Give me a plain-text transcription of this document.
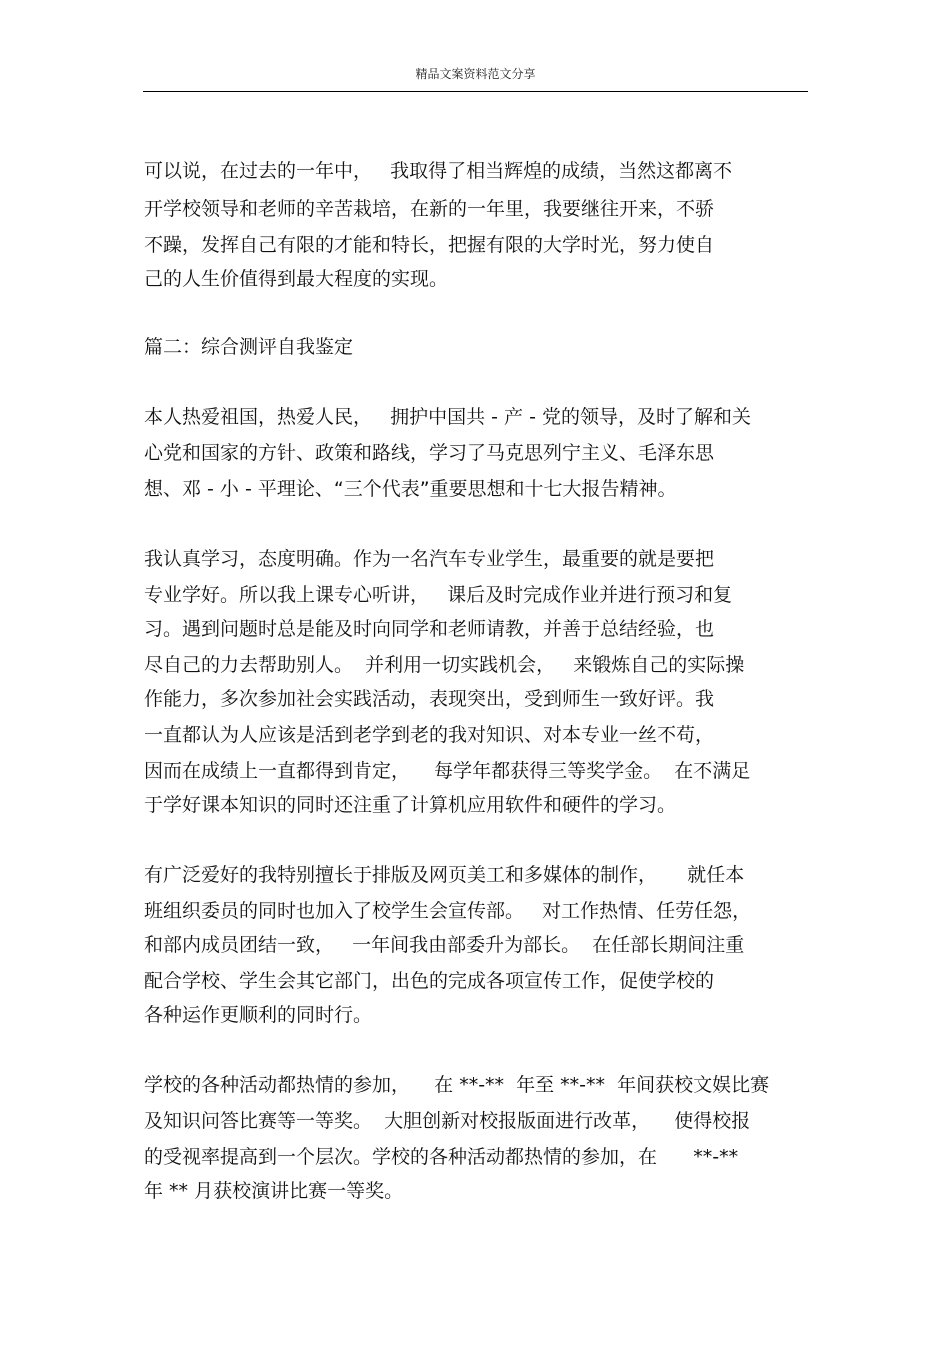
精品文案资料范文分享
可以说，在过去的一年中，   我取得了相当辉煌的成绩，当然这都离不
开学校领导和老师的辛苦栽培，在新的一年里，我要继往开来，不骄
不躁，发挥自己有限的才能和特长，把握有限的大学时光，努力使自
己的人生价值得到最大程度的实现。
篇二：综合测评自我鉴定
本人热爱祖国，热爱人民，   拥护中国共 - 产 - 党的领导，及时了解和关
心党和国家的方针、政策和路线，学习了马克思列宁主义、毛泽东思
想、邓 - 小 - 平理论、“三个代表”重要思想和十七大报告精神。
我认真学习，态度明确。作为一名汽车专业学生，最重要的就是要把
专业学好。所以我上课专心听讲，   课后及时完成作业并进行预习和复
习。遇到问题时总是能及时向同学和老师请教，并善于总结经验，也
尽自己的力去帮助别人。  并利用一切实践机会，   来锻炼自己的实际操
作能力，多次参加社会实践活动，表现突出，受到师生一致好评。我
一直都认为人应该是活到老学到老的我对知识、对本专业一丝不苟，
因而在成绩上一直都得到肯定，    每学年都获得三等奖学金。  在不满足
于学好课本知识的同时还注重了计算机应用软件和硬件的学习。
有广泛爱好的我特别擅长于排版及网页美工和多媒体的制作，     就任本
班组织委员的同时也加入了校学生会宣传部。   对工作热情、任劳任怨，
和部内成员团结一致，   一年间我由部委升为部长。  在任部长期间注重
配合学校、学生会其它部门，出色的完成各项宣传工作，促使学校的
各种运作更顺利的同时行。
学校的各种活动都热情的参加，    在 **-**  年至 **-**  年间获校文娱比赛
及知识问答比赛等一等奖。  大胆创新对校报版面进行改革，    使得校报
的受视率提高到一个层次。学校的各种活动都热情的参加，在      **-**
年 ** 月获校演讲比赛一等奖。
